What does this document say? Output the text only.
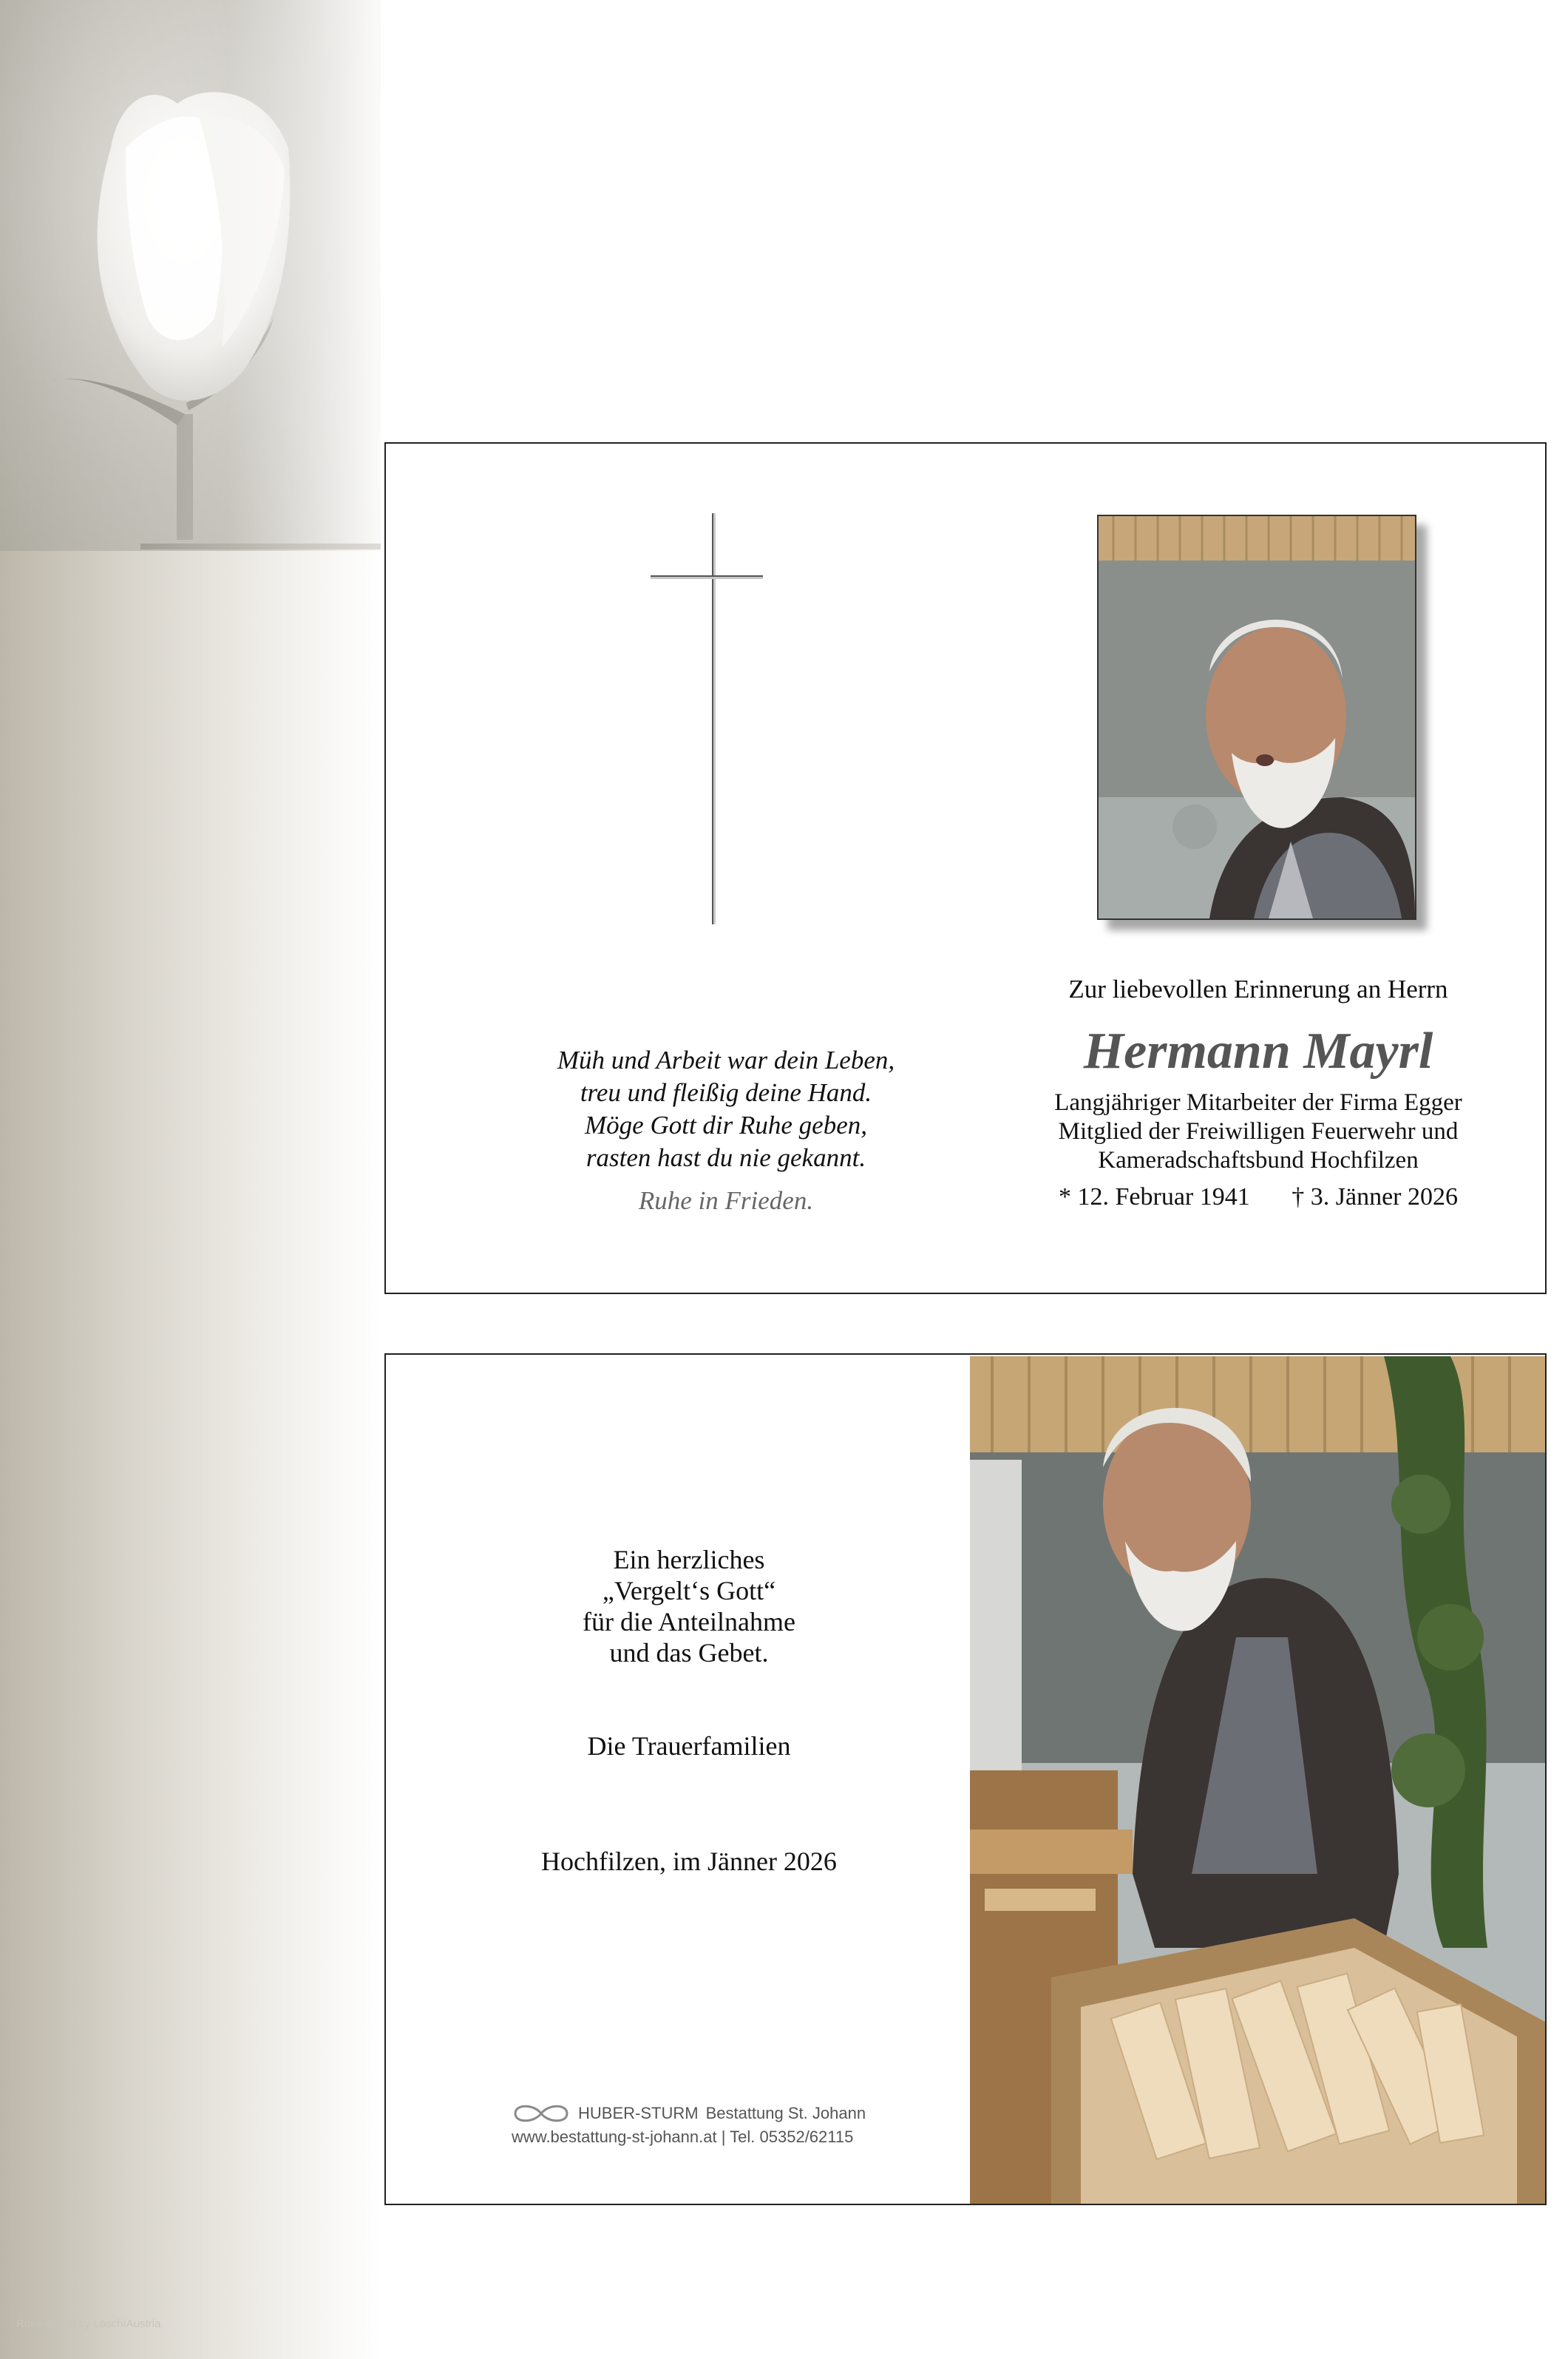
Müh und Arbeit war dein Leben,
treu und fleißig deine Hand.
Möge Gott dir Ruhe geben,
rasten hast du nie gekannt.
Ruhe in Frieden.
Zur liebevollen Erinnerung an Herrn
Hermann Mayrl
Langjähriger Mitarbeiter der Firma Egger
Mitglied der Freiwilligen Feuerwehr und
Kameradschaftsbund Hochfilzen
* 12. Februar 1941 † 3. Jänner 2026
Ein herzliches
„Vergelt‘s Gott“
für die Anteilnahme
und das Gebet.
Die Trauerfamilien
Hochfilzen, im Jänner 2026
HUBER-STURM Bestattung St. Johann
www.bestattung-st-johann.at | Tel. 05352/62115
Rose 40 - © by Lösch/Austria
